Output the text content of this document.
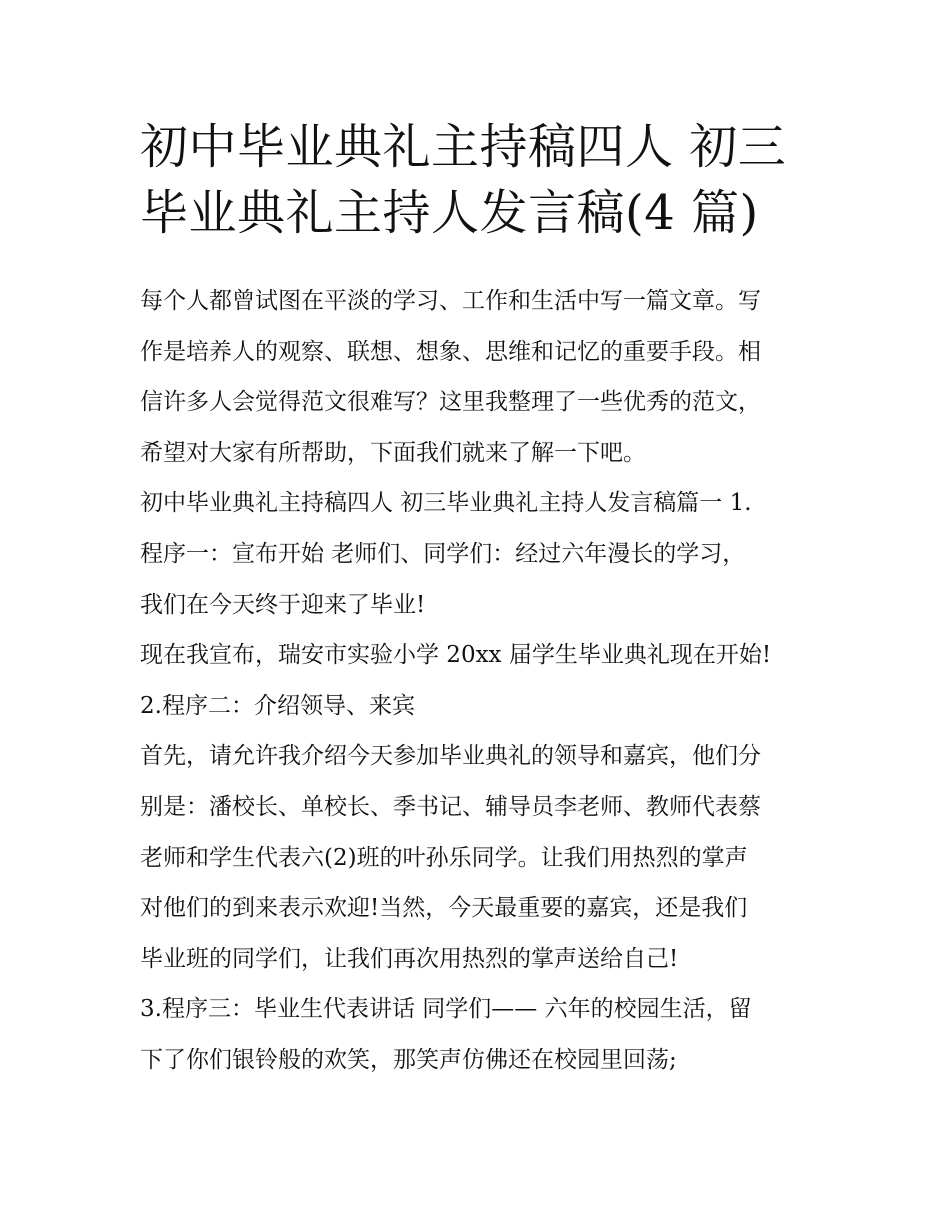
初中毕业典礼主持稿四人 初三
毕业典礼主持人发言稿(4 篇)
每个人都曾试图在平淡的学习、工作和生活中写一篇文章。写
作是培养人的观察、联想、想象、思维和记忆的重要手段。相
信许多人会觉得范文很难写？这里我整理了一些优秀的范文，
希望对大家有所帮助，下面我们就来了解一下吧。
初中毕业典礼主持稿四人 初三毕业典礼主持人发言稿篇一 1.
程序一：宣布开始 老师们、同学们：经过六年漫长的学习，
我们在今天终于迎来了毕业!
现在我宣布，瑞安市实验小学 20xx 届学生毕业典礼现在开始!
2.程序二：介绍领导、来宾
首先，请允许我介绍今天参加毕业典礼的领导和嘉宾，他们分
别是：潘校长、单校长、季书记、辅导员李老师、教师代表蔡
老师和学生代表六(2)班的叶孙乐同学。让我们用热烈的掌声
对他们的到来表示欢迎!当然，今天最重要的嘉宾，还是我们
毕业班的同学们，让我们再次用热烈的掌声送给自己!
3.程序三：毕业生代表讲话 同学们—— 六年的校园生活，留
下了你们银铃般的欢笑，那笑声仿佛还在校园里回荡;
